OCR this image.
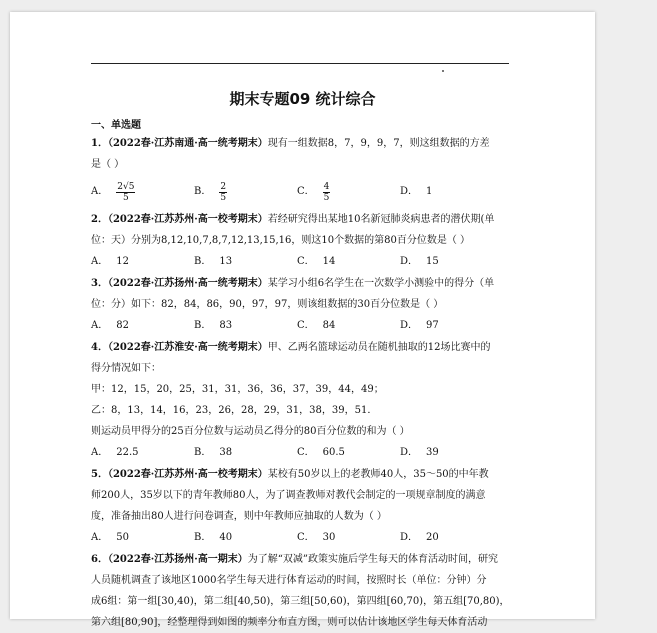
期末专题09 统计综合
一、单选题
1．（2022春·江苏南通·高一统考期末）现有一组数据8，7，9，9，7，则这组数据的方差
是（ ）
A． $\frac{2√5}{5}$	B． $\frac{2}{5}$	C． $\frac{4}{5}$	D． 1
2．（2022春·江苏苏州·高一校考期末）若经研究得出某地10名新冠肺炎病患者的潜伏期(单
位：天）分别为8,12,10,7,8,7,12,13,15,16，则这10个数据的第80百分位数是（ ）
A． 12	B． 13	C． 14	D． 15
3．（2022春·江苏扬州·高一统考期末）某学习小组6名学生在一次数学小测验中的得分（单
位：分）如下：82，84，86，90，97，97，则该组数据的30百分位数是（ ）
A． 82	B． 83	C． 84	D． 97
4．（2022春·江苏淮安·高一统考期末）甲、乙两名篮球运动员在随机抽取的12场比赛中的
得分情况如下：
甲：12，15，20，25，31，31，36，36，37，39，44，49；
乙：8，13，14，16，23，26，28，29，31，38，39，51．
则运动员甲得分的25百分位数与运动员乙得分的80百分位数的和为（ ）
A． 22.5	B． 38	C． 60.5	D． 39
5．（2022春·江苏苏州·高一校考期末）某校有50岁以上的老教师40人，35～50的中年教
师200人，35岁以下的青年教师80人，为了调查教师对教代会制定的一项规章制度的满意
度，准备抽出80人进行问卷调查，则中年教师应抽取的人数为（ ）
A． 50	B． 40	C． 30	D． 20
6．（2022春·江苏扬州·高一期末）为了解“双减”政策实施后学生每天的体育活动时间，研究
人员随机调查了该地区1000名学生每天进行体育运动的时间，按照时长（单位：分钟）分
成6组：第一组[30,40)，第二组[40,50)，第三组[50,60)，第四组[60,70)，第五组[70,80)，
第六组[80,90]，经整理得到如图的频率分布直方图，则可以估计该地区学生每天体育活动
